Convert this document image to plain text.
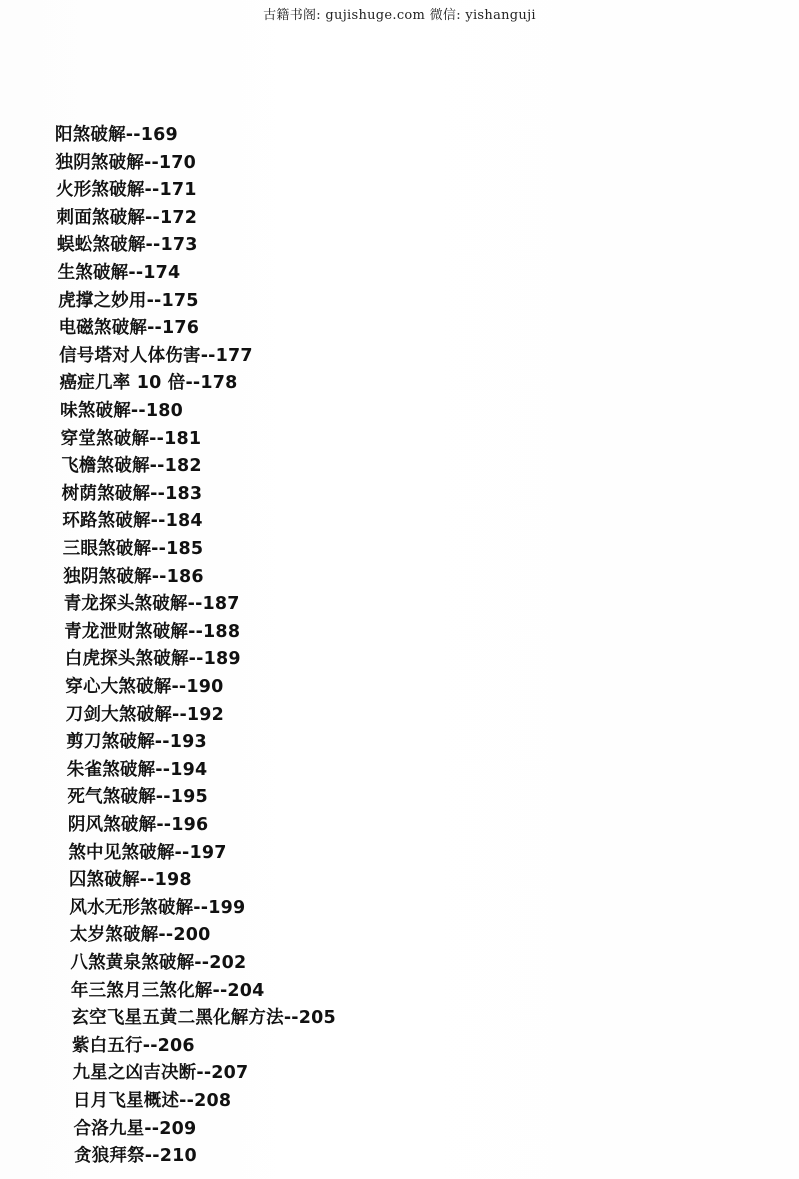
古籍书阁: gujishuge.com 微信: yishanguji
阳煞破解--169
独阴煞破解--170
火形煞破解--171
刺面煞破解--172
蜈蚣煞破解--173
生煞破解--174
虎撑之妙用--175
电磁煞破解--176
信号塔对人体伤害--177
癌症几率 10 倍--178
味煞破解--180
穿堂煞破解--181
飞檐煞破解--182
树荫煞破解--183
环路煞破解--184
三眼煞破解--185
独阴煞破解--186
青龙探头煞破解--187
青龙泄财煞破解--188
白虎探头煞破解--189
穿心大煞破解--190
刀剑大煞破解--192
剪刀煞破解--193
朱雀煞破解--194
死气煞破解--195
阴风煞破解--196
煞中见煞破解--197
囚煞破解--198
风水无形煞破解--199
太岁煞破解--200
八煞黄泉煞破解--202
年三煞月三煞化解--204
玄空飞星五黄二黑化解方法--205
紫白五行--206
九星之凶吉决断--207
日月飞星概述--208
合洛九星--209
贪狼拜祭--210
